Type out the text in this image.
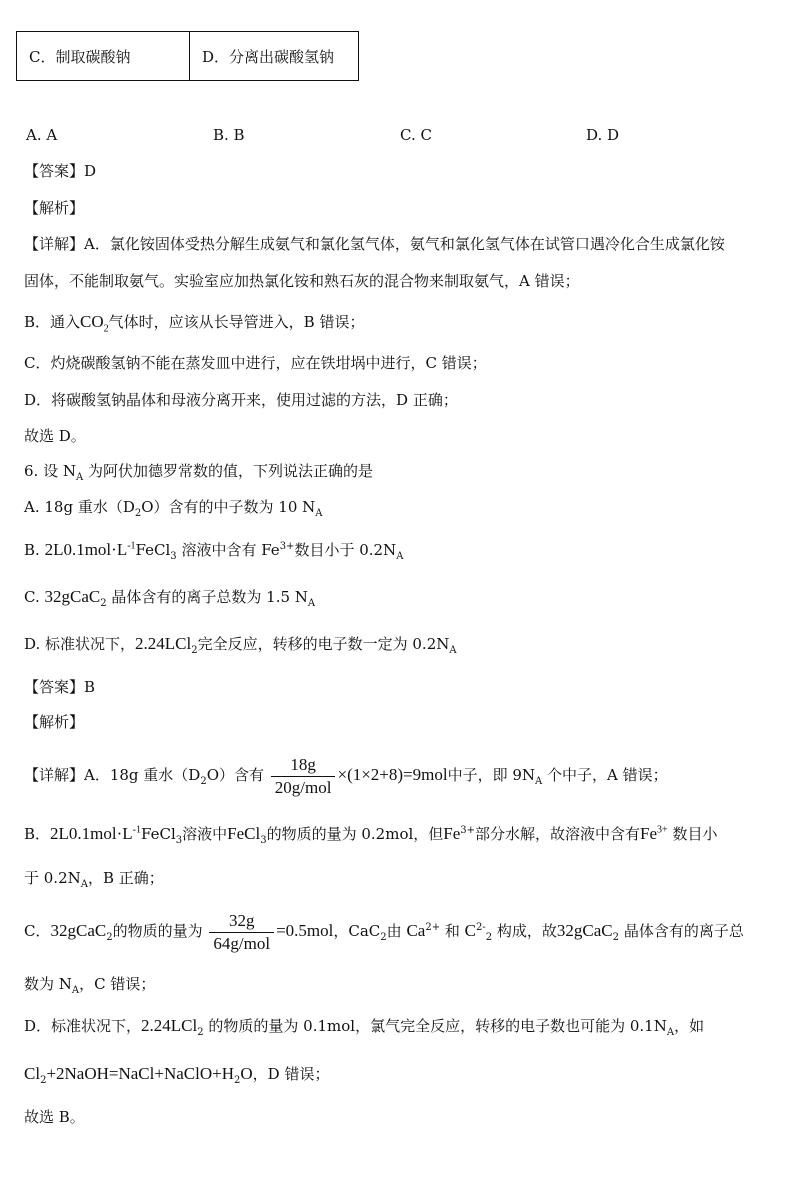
C．制取碳酸钠	D．分离出碳酸氢钠
A. A	B. B	C. C	D. D
【答案】D
【解析】
【详解】A．氯化铵固体受热分解生成氨气和氯化氢气体，氨气和氯化氢气体在试管口遇冷化合生成氯化铵
固体，不能制取氨气。实验室应加热氯化铵和熟石灰的混合物来制取氨气，A 错误；
B．通入$CO_2$气体时，应该从长导管进入，B 错误；
C．灼烧碳酸氢钠不能在蒸发皿中进行，应在铁坩埚中进行，C 错误；
D．将碳酸氢钠晶体和母液分离开来，使用过滤的方法，D 正确；
故选 D。
6. 设 $N_A$ 为阿伏加德罗常数的值，下列说法正确的是
A. 18g 重水$(D_2O)$含有的中子数为 10 $N_A$
B. $2L0.1mol\cdot L^{-1}FeCl_3$ 溶液中含有 $Fe^{3+}$数目小于 $0.2N_A$
C. 32gCaC$_2$ 晶体含有的离子总数为 1.5 $N_A$
D. 标准状况下，2.24LCl$_2$完全反应，转移的电子数一定为 $0.2N_A$
【答案】B
【解析】
【详解】A．18g 重水$(D_2O)$含有 $\frac{18g}{\text{20g/mol}} \times(1\times 2+8)=9mol$中子，即 $9N_A$ 个中子，A 错误；
B．$2L0.1mol\cdot L^{-1}FeCl_3$溶液中FeCl$_3$的物质的量为 0.2mol，但$Fe^{3+}$部分水解，故溶液中含有$Fe^{3+}$ 数目小
于 $0.2N_A$，B 正确；
C．32gCaC$_2$的物质的量为 $\frac{32g}{\text{64g/mol}} =0.5mol$，CaC$_2$由 $Ca^{2+}$ 和 $C^{2-}_2$ 构成，故32gCaC$_2$ 晶体含有的离子总
数为 $N_A$，C 错误；
D．标准状况下，2.24LCl$_2$ 的物质的量为 0.1mol，氯气完全反应，转移的电子数也可能为 $0.1N_A$，如
$Cl_2+2NaOH=NaCl+NaClO+H_2O$，D 错误；
故选 B。
